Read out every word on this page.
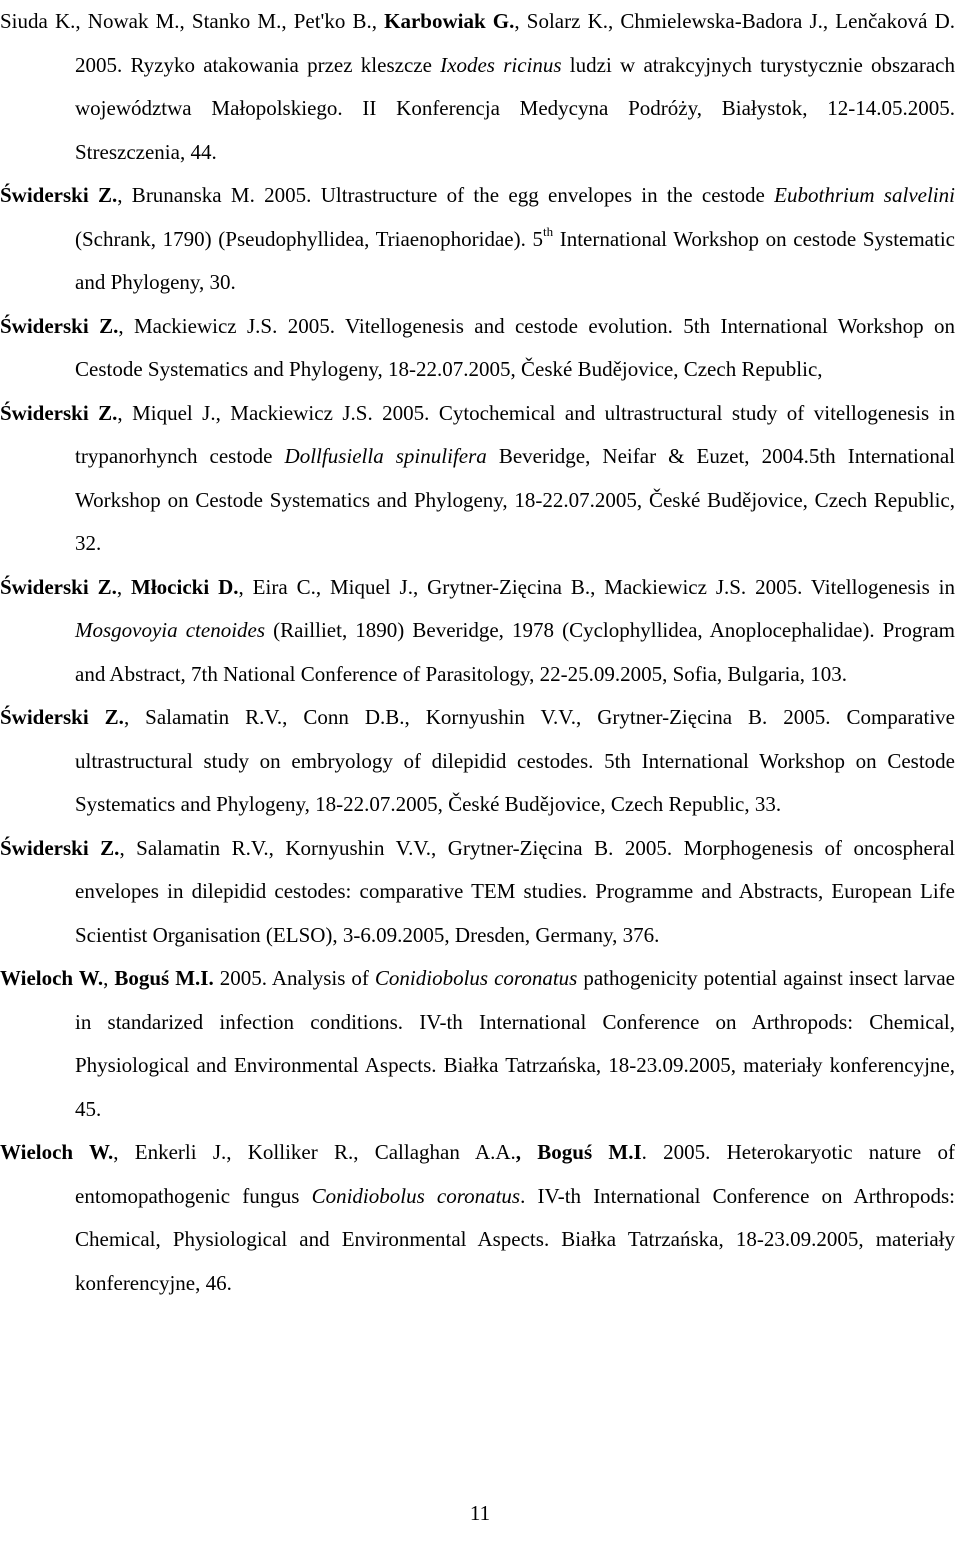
Siuda K., Nowak M., Stanko M., Pet'ko B., Karbowiak G., Solarz K., Chmielewska-Badora J., Lenčaková D. 2005. Ryzyko atakowania przez kleszcze Ixodes ricinus ludzi w atrakcyjnych turystycznie obszarach województwa Małopolskiego. II Konferencja Medycyna Podróży, Białystok, 12-14.05.2005. Streszczenia, 44.

Świderski Z., Brunanska M. 2005. Ultrastructure of the egg envelopes in the cestode Eubothrium salvelini (Schrank, 1790) (Pseudophyllidea, Triaenophoridae). 5th International Workshop on cestode Systematic and Phylogeny, 30.

Świderski Z., Mackiewicz J.S. 2005. Vitellogenesis and cestode evolution. 5th International Workshop on Cestode Systematics and Phylogeny, 18-22.07.2005, České Budějovice, Czech Republic,

Świderski Z., Miquel J., Mackiewicz J.S. 2005. Cytochemical and ultrastructural study of vitellogenesis in trypanorhynch cestode Dollfusiella spinulifera Beveridge, Neifar & Euzet, 2004.5th International Workshop on Cestode Systematics and Phylogeny, 18-22.07.2005, České Budějovice, Czech Republic, 32.

Świderski Z., Młocicki D., Eira C., Miquel J., Grytner-Zięcina B., Mackiewicz J.S. 2005. Vitellogenesis in Mosgovoyia ctenoides (Railliet, 1890) Beveridge, 1978 (Cyclophyllidea, Anoplocephalidae). Program and Abstract, 7th National Conference of Parasitology, 22-25.09.2005, Sofia, Bulgaria, 103.

Świderski Z., Salamatin R.V., Conn D.B., Kornyushin V.V., Grytner-Zięcina B. 2005. Comparative ultrastructural study on embryology of dilepidid cestodes. 5th International Workshop on Cestode Systematics and Phylogeny, 18-22.07.2005, České Budějovice, Czech Republic, 33.

Świderski Z., Salamatin R.V., Kornyushin V.V., Grytner-Zięcina B. 2005. Morphogenesis of oncospheral envelopes in dilepidid cestodes: comparative TEM studies. Programme and Abstracts, European Life Scientist Organisation (ELSO), 3-6.09.2005, Dresden, Germany, 376.

Wieloch W., Boguś M.I. 2005. Analysis of Conidiobolus coronatus pathogenicity potential against insect larvae in standarized infection conditions. IV-th International Conference on Arthropods: Chemical, Physiological and Environmental Aspects. Białka Tatrzańska, 18-23.09.2005, materiały konferencyjne, 45.

Wieloch W., Enkerli J., Kolliker R., Callaghan A.A., Boguś M.I. 2005. Heterokaryotic nature of entomopathogenic fungus Conidiobolus coronatus. IV-th International Conference on Arthropods: Chemical, Physiological and Environmental Aspects. Białka Tatrzańska, 18-23.09.2005, materiały konferencyjne, 46.

11
